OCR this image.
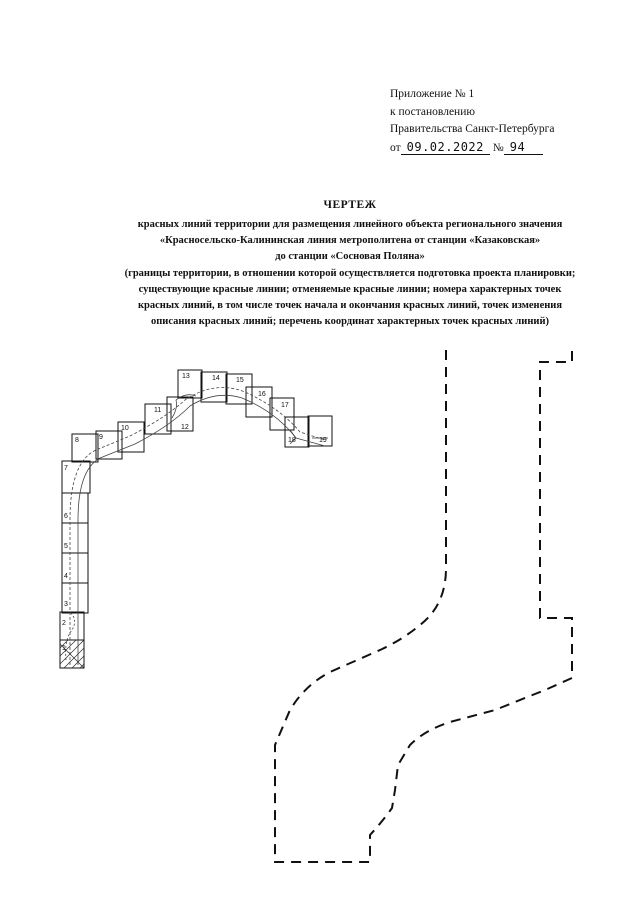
Приложение № 1
к постановлению
Правительства Санкт-Петербурга
от 09.02.2022 № 94
ЧЕРТЕЖ
красных линий территории для размещения линейного объекта регионального значения
«Красносельско-Калининская линия метрополитена от станции «Казаковская»
до станции «Сосновая Поляна»
(границы территории, в отношении которой осуществляется подготовка проекта планировки;
существующие красные линии; отменяемые красные линии; номера характерных точек
красных линий, в том числе точек начала и окончания красных линий, точек изменения
описания красных линий; перечень координат характерных точек красных линий)
1
2
3
4
5
6
7
8	9
10
11
12
13	14 15
16
17
18	19
